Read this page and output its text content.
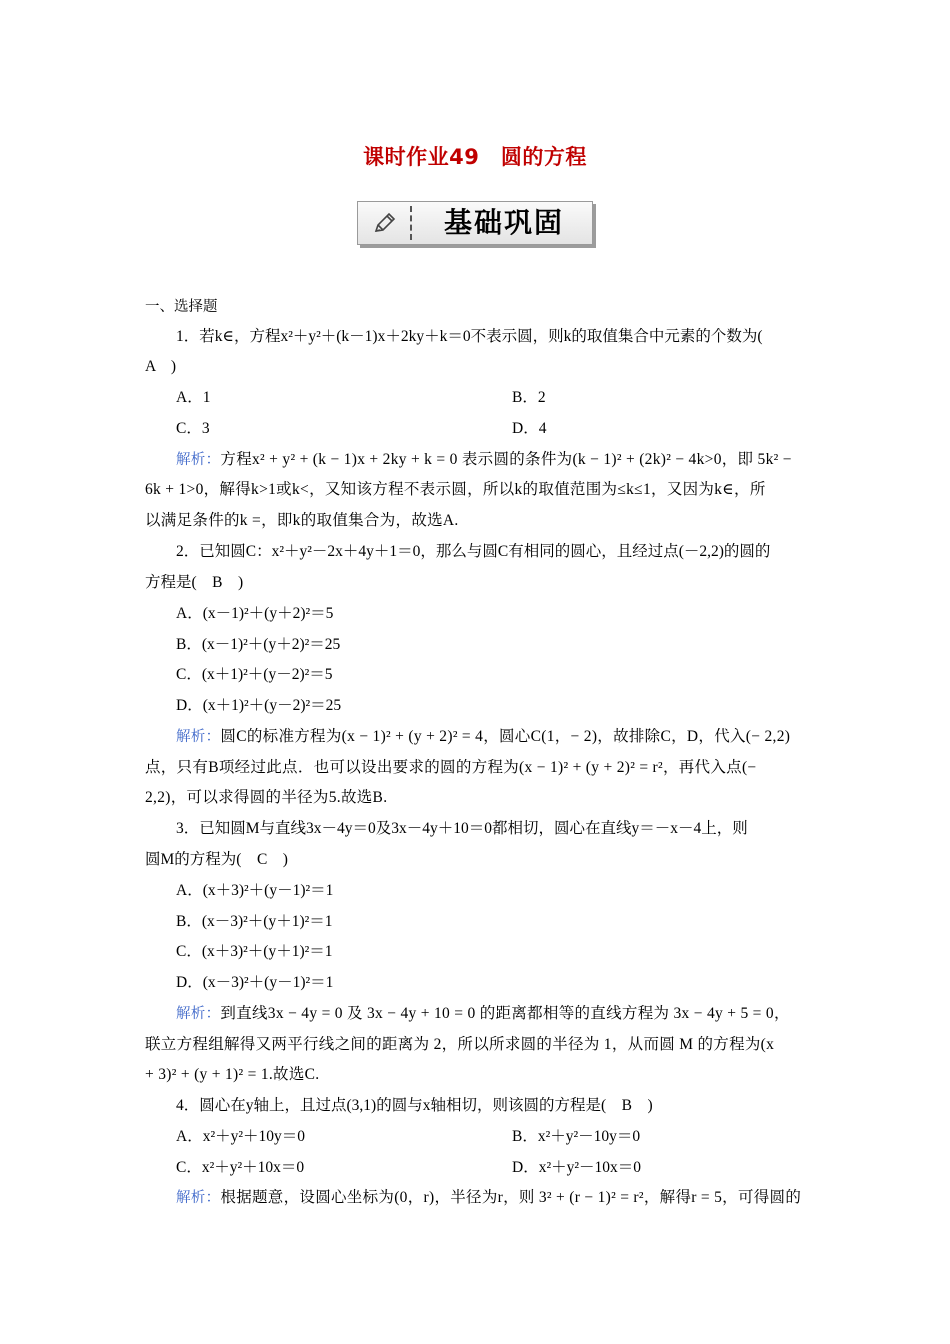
课时作业49　圆的方程
基础巩固
一、选择题
1．若k∈，方程x²＋y²＋(k－1)x＋2ky＋k＝0不表示圆，则k的取值集合中元素的个数为(
A　)
A．1	B．2
C．3	D．4
解析：方程x² + y² + (k − 1)x + 2ky + k = 0 表示圆的条件为(k − 1)² + (2k)² − 4k>0，即 5k² −
6k + 1>0，解得k>1或k<，又知该方程不表示圆，所以k的取值范围为≤k≤1，又因为k∈，所
以满足条件的k =，即k的取值集合为，故选A.
2．已知圆C：x²＋y²－2x＋4y＋1＝0，那么与圆C有相同的圆心，且经过点(－2,2)的圆的
方程是(　B　)
A．(x－1)²＋(y＋2)²＝5
B．(x－1)²＋(y＋2)²＝25
C．(x＋1)²＋(y－2)²＝5
D．(x＋1)²＋(y－2)²＝25
解析：圆C的标准方程为(x − 1)² + (y + 2)² = 4，圆心C(1，− 2)，故排除C，D，代入(− 2,2)
点，只有B项经过此点．也可以设出要求的圆的方程为(x − 1)² + (y + 2)² = r²，再代入点(−
2,2)，可以求得圆的半径为5.故选B.
3．已知圆M与直线3x－4y＝0及3x－4y＋10＝0都相切，圆心在直线y＝－x－4上，则
圆M的方程为(　C　)
A．(x＋3)²＋(y－1)²＝1
B．(x－3)²＋(y＋1)²＝1
C．(x＋3)²＋(y＋1)²＝1
D．(x－3)²＋(y－1)²＝1
解析：到直线3x − 4y = 0 及 3x − 4y + 10 = 0 的距离都相等的直线方程为 3x − 4y + 5 = 0，
联立方程组解得又两平行线之间的距离为 2，所以所求圆的半径为 1，从而圆 M 的方程为(x
+ 3)² + (y + 1)² = 1.故选C.
4．圆心在y轴上，且过点(3,1)的圆与x轴相切，则该圆的方程是(　B　)
A．x²＋y²＋10y＝0	B．x²＋y²－10y＝0
C．x²＋y²＋10x＝0	D．x²＋y²－10x＝0
解析：根据题意，设圆心坐标为(0，r)，半径为r，则 3² + (r − 1)² = r²，解得r = 5，可得圆的
